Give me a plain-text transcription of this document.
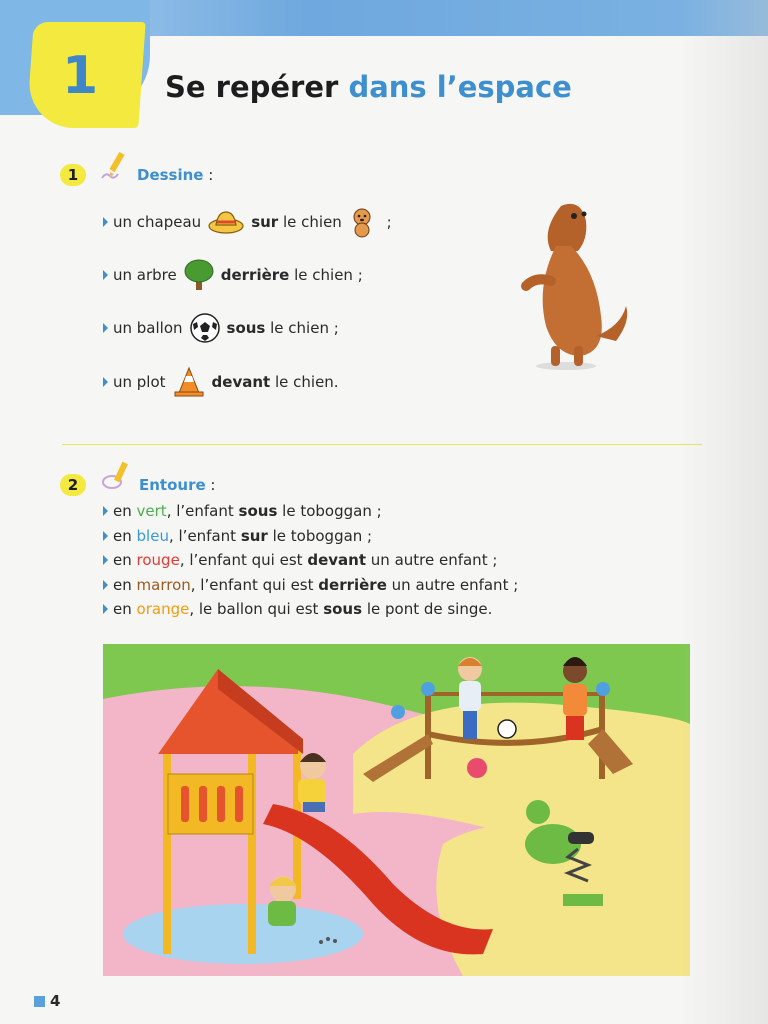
1 Se repérer dans l’espace
1	Dessine :
un chapeau	sur
le chien
	;
un arbre	derrière
le chien ;
un ballon	sous
le chien ;
un plot	devant
le chien.
2	Entoure :
en
vert , l’enfant
sous
le toboggan ;
en
bleu , l’enfant
sur
le toboggan ;
en
rouge , l’enfant qui est
devant
un autre enfant ;
en
marron , l’enfant qui est
derrière
un autre enfant ;
en
orange , le ballon qui est
sous
le pont de singe.
4
